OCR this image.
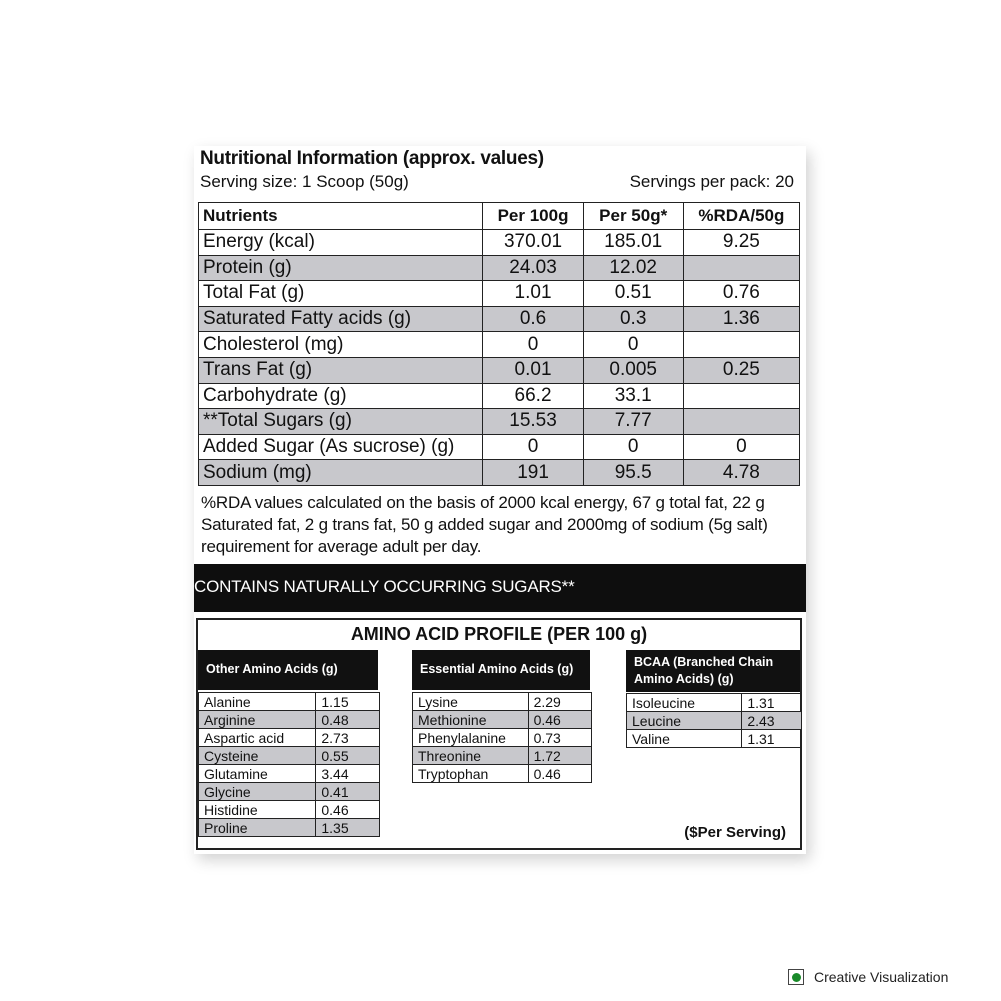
Nutritional Information (approx. values)
Serving size: 1 Scoop (50g)	Servings per pack: 20
Nutrients	Per 100g	Per 50g*	%RDA/50g
Energy (kcal)	370.01	185.01	9.25
Protein (g)	24.03	12.02	
Total Fat (g)	1.01	0.51	0.76
Saturated Fatty acids (g)	0.6	0.3	1.36
Cholesterol (mg)	0	0	
Trans Fat (g)	0.01	0.005	0.25
Carbohydrate (g)	66.2	33.1	
**Total Sugars (g)	15.53	7.77	
Added Sugar (As sucrose) (g)	0	0	0
Sodium (mg)	191	95.5	4.78
%RDA values calculated on the basis of 2000 kcal energy, 67 g total fat, 22 g Saturated fat, 2 g trans fat, 50 g added sugar and 2000mg of sodium (5g salt) requirement for average adult per day.
CONTAINS NATURALLY OCCURRING SUGARS**
AMINO ACID PROFILE (PER 100 g)
Other Amino Acids (g)
Alanine	1.15
Arginine	0.48
Aspartic acid	2.73
Cysteine	0.55
Glutamine	3.44
Glycine	0.41
Histidine	0.46
Proline	1.35
Essential Amino Acids (g)
Lysine	2.29
Methionine	0.46
Phenylalanine	0.73
Threonine	1.72
Tryptophan	0.46
BCAA (Branched Chain Amino Acids) (g)
Isoleucine	1.31
Leucine	2.43
Valine	1.31
($Per Serving)
Creative Visualization
